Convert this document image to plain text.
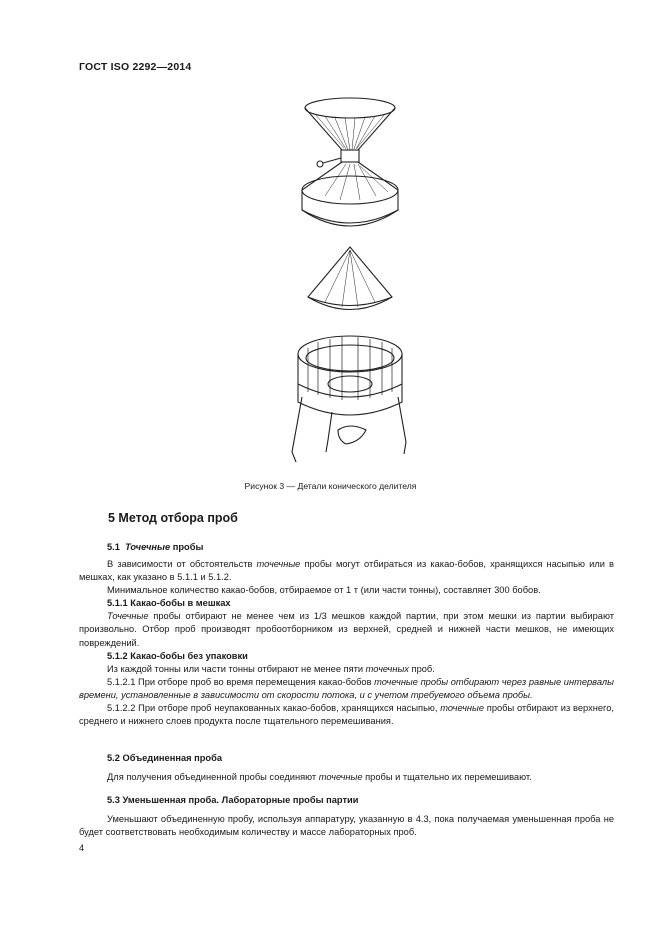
ГОСТ ISO 2292—2014
Рисунок 3 — Детали конического делителя
5 Метод отбора проб

5.1 Точечные пробы

В зависимости от обстоятельств точечные пробы могут отбираться из какао-бобов, хранящихся насыпью или в мешках, как указано в 5.1.1 и 5.1.2.

Минимальное количество какао-бобов, отбираемое от 1 т (или части тонны), составляет 300 бобов.

5.1.1 Какао-бобы в мешках

Точечные пробы отбирают не менее чем из 1/3 мешков каждой партии, при этом мешки из партии выбирают произвольно. Отбор проб производят пробоотборником из верхней, средней и нижней части мешков, не имеющих повреждений.

5.1.2 Какао-бобы без упаковки

Из каждой тонны или части тонны отбирают не менее пяти точечных проб.

5.1.2.1 При отборе проб во время перемещения какао-бобов точечные пробы отбирают через равные интервалы времени, установленные в зависимости от скорости потока, и с учетом требуемого объема пробы.

5.1.2.2 При отборе проб неупакованных какао-бобов, хранящихся насыпью, точечные пробы отбирают из верхнего, среднего и нижнего слоев продукта после тщательного перемешивания.

5.2 Объединенная проба

Для получения объединенной пробы соединяют точечные пробы и тщательно их перемешивают.

5.3 Уменьшенная проба. Лабораторные пробы партии

Уменьшают объединенную пробу, используя аппаратуру, указанную в 4.3, пока получаемая уменьшенная проба не будет соответствовать необходимым количеству и массе лабораторных проб.

4
